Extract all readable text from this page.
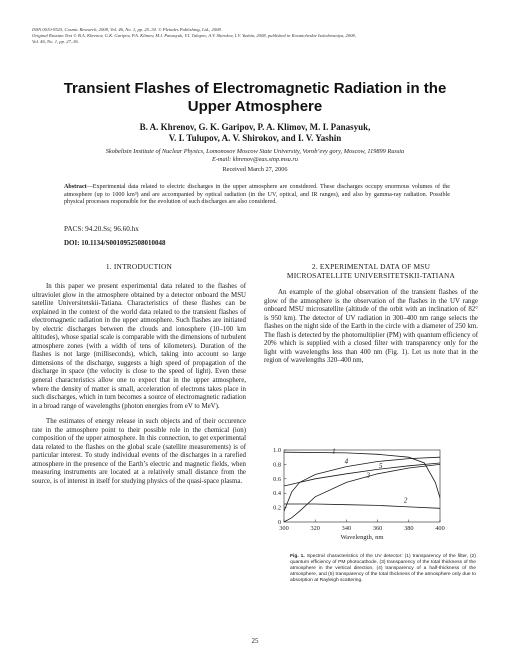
ISSN 0010-9525, Cosmic Research, 2008, Vol. 46, No. 1, pp. 25–34. © Pleiades Publishing, Ltd., 2008.
Original Russian Text © B.A. Khrenov, G.K. Garipov, P.A. Klimov, M.I. Panasyuk, V.I. Tulupov, A.V. Shirokov, I.V. Yashin, 2008, published in Kosmicheskie Issledovaniya, 2008,
Vol. 46, No. 1, pp. 27–36.
Transient Flashes of Electromagnetic Radiation in the Upper Atmosphere
B. A. Khrenov, G. K. Garipov, P. A. Klimov, M. I. Panasyuk,
V. I. Tulupov, A. V. Shirokov, and I. V. Yashin
Skobeltsin Institute of Nuclear Physics, Lomonosov Moscow State University, Vorob’evy gory, Moscow, 119899 Russia
E-mail: khrenov@eas.sinp.msu.ru
Received March 27, 2006
Abstract—Experimental data related to electric discharges in the upper atmosphere are considered. These discharges occupy enormous volumes of the atmosphere (up to 1000 km³) and are accompanied by optical radiation (in the UV, optical, and IR ranges), and also by gamma-ray radiation. Possible physical processes responsible for the evolution of such discharges are also considered.
PACS: 94.20.Ss; 96.60.hx
DOI: 10.1134/S0010952508010048
1. INTRODUCTION

In this paper we present experimental data related to the flashes of ultraviolet glow in the atmosphere obtained by a detector onboard the MSU satellite Universitetskii-Tatiana. Characteristics of these flashes can be explained in the context of the world data related to the transient flashes of electromagnetic radiation in the upper atmosphere. Such flashes are initiated by electric discharges between the clouds and ionosphere (10–100 km altitudes), whose spatial scale is comparable with the dimensions of turbulent atmosphere zones (with a width of tens of kilometers). Duration of the flashes is not large (milliseconds), which, taking into account so large dimensions of the discharge, suggests a high speed of propagation of the discharge in space (the velocity is close to the speed of light). Even these general characteristics allow one to expect that in the upper atmosphere, where the density of matter is small, acceleration of electrons takes place in such discharges, which in turn becomes a source of electromagnetic radiation in a broad range of wavelengths (photon energies from eV to MeV).

The estimates of energy release in such objects and of their occurence rate in the atmosphere point to their possible role in the chemical (ion) composition of the upper atmosphere. In this connection, to get experimental data related to the flashes on the global scale (satellite measurements) is of particular interest. To study individual events of the discharges in a rarefied atmosphere in the presence of the Earth’s electric and magnetic fields, when measuring instruments are located at a relatively small distance from the source, is of interest in itself for studying physics of the quasi-space plasma.

2. EXPERIMENTAL DATA OF MSU
MICROSATELLITE UNIVERSITETSKII-TATIANA

An example of the global observation of the transient flashes of the glow of the atmosphere is the observation of the flashes in the UV range onboard MSU microsatellite (altitude of the orbit with an inclination of 82° is 950 km). The detector of UV radiation in 300–400 nm range selects the flashes on the night side of the Earth in the circle with a diameter of 250 km. The flash is detected by the photomultiplier (PM) with quantum efficiency of 20% which is supplied with a closed filter with transparency only for the light with wavelengths less than 400 nm (Fig. 1). Let us note that in the region of wavelengths 320–400 nm,

300	320	340	360	380	400
0
0.2
0.4
0.6
0.8
1.0
Wavelength, nm
1
2
3
4
5
Fig. 1. Spectral characteristics of the UV detector: (1) transparency of the filter, (2) quantum efficiency of PM photocathode, (3) transparency of the total thickness of the atmosphere in the vertical direction, (4) transparency of a half-thickness of the atmosphere, and (5) transparency of the total thickness of the atmosphere only due to absorption at Rayleigh scattering.
25
